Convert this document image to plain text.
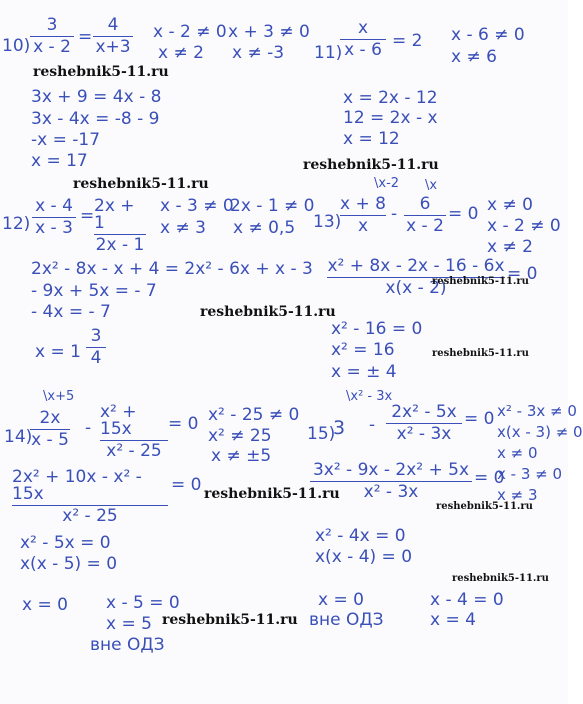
10)
3
x - 2 =
4
x+3
x - 2 ≠ 0 x + 3 ≠ 0
x ≠ 2 x ≠ -3
reshebnik5-11.ru
3x + 9 = 4x - 8
3x - 4x = -8 - 9
-x = -17
x = 17
11)
x
x - 6 = 2 x - 6 ≠ 0
x ≠ 6
x = 2x - 12
12 = 2x - x
x = 12
reshebnik5-11.ru
reshebnik5-11.ru
12)
x - 4
x - 3
= 2x + 1
2x - 1
x - 3 ≠ 0
2x - 1 ≠ 0
x ≠ 3 x ≠ 0,5
2x² - 8x - x + 4 = 2x² - 6x + x - 3
- 9x + 5x = - 7
- 4x = - 7
x = 1
3
4
reshebnik5-11.ru
\x-2 \x
13)
x + 8
x
- 6
x - 2
= 0 x ≠ 0
x - 2 ≠ 0
x ≠ 2
x² + 8x - 2x - 16 - 6x
x(x - 2)
= 0
reshebnik5-11.ru
x² - 16 = 0
x² = 16
x = ± 4
reshebnik5-11.ru
\x+5
14)
2x
x - 5
-
x² + 15x
x² - 25
= 0 x² - 25 ≠ 0
x² ≠ 25
x ≠ ±5
2x² + 10x - x² - 15x
x² - 25
= 0 reshebnik5-11.ru
x² - 5x = 0
x(x - 5) = 0
x = 0 x - 5 = 0
x = 5
вне ОДЗ
reshebnik5-11.ru
\x² - 3x
15)
3 -
2x² - 5x
x² - 3x
= 0 x² - 3x ≠ 0
x(x - 3) ≠ 0
x ≠ 0
x - 3 ≠ 0
x ≠ 3
3x² - 9x - 2x² + 5x
x² - 3x
= 0
reshebnik5-11.ru
x² - 4x = 0
x(x - 4) = 0
reshebnik5-11.ru
x = 0
вне ОДЗ
x - 4 = 0
x = 4
